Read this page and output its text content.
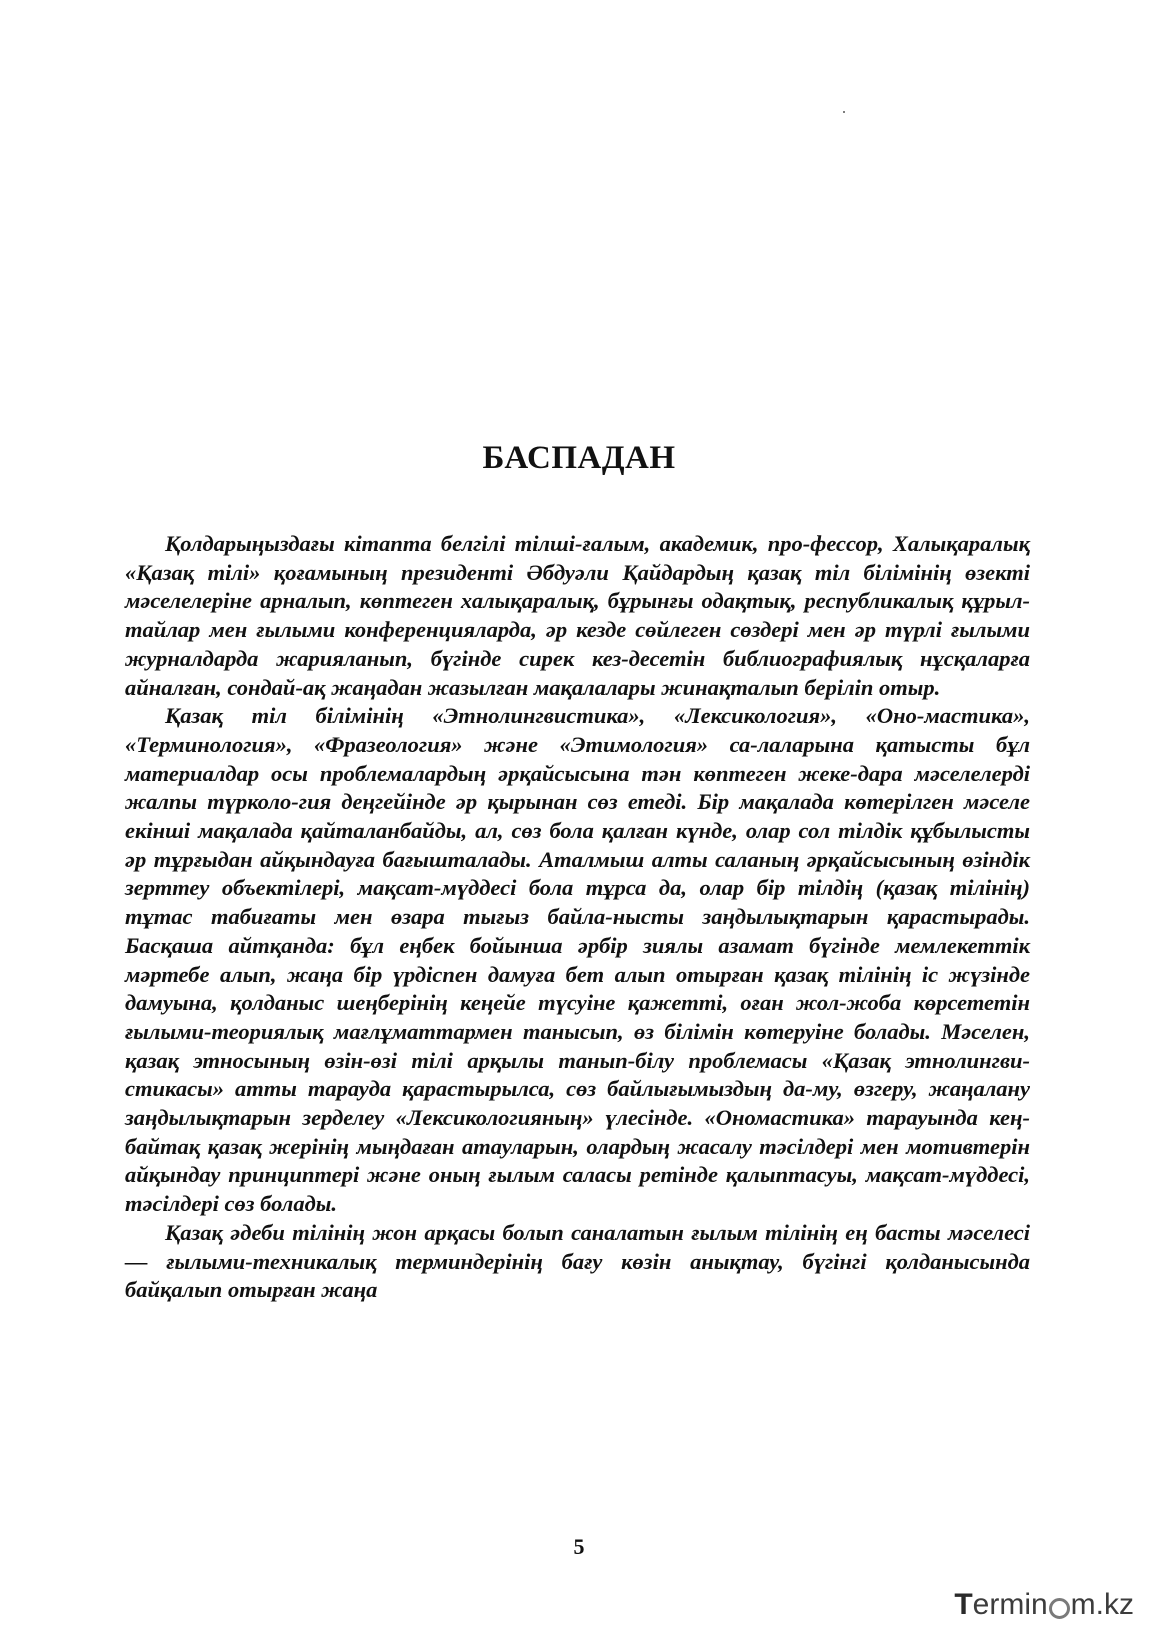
БАСПАДАН

Қолдарыңыздағы кітапта белгілі тілші-ғалым, академик, про-фессор, Халықаралық «Қазақ тілі» қоғамының президенті Әбдуәли Қайдардың қазақ тіл білімінің өзекті мәселелеріне арналып, көптеген халықаралық, бұрынғы одақтық, республикалық құрыл-тайлар мен ғылыми конференцияларда, әр кезде сөйлеген сөздері мен әр түрлі ғылыми журналдарда жарияланып, бүгінде сирек кез-десетін библиографиялық нұсқаларға айналған, сондай-ақ жаңадан жазылған мақалалары жинақталып беріліп отыр.

Қазақ тіл білімінің «Этнолингвистика», «Лексикология», «Оно-мастика», «Терминология», «Фразеология» және «Этимология» са-лаларына қатысты бұл материалдар осы проблемалардың әрқайсысына тән көптеген жеке-дара мәселелерді жалпы түрколо-гия деңгейінде әр қырынан сөз етеді. Бір мақалада көтерілген мәселе екінші мақалада қайталанбайды, ал, сөз бола қалған күнде, олар сол тілдік құбылысты әр тұрғыдан айқындауға бағышталады. Аталмыш алты саланың әрқайсысының өзіндік зерттеу объектілері, мақсат-мүддесі бола тұрса да, олар бір тілдің (қазақ тілінің) тұтас табиғаты мен өзара тығыз байла-нысты заңдылықтарын қарастырады. Басқаша айтқанда: бұл еңбек бойынша әрбір зиялы азамат бүгінде мемлекеттік мәртебе алып, жаңа бір үрдіспен дамуға бет алып отырған қазақ тілінің іс жүзінде дамуына, қолданыс шеңберінің кеңейе түсуіне қажетті, оған жол-жоба көрсететін ғылыми-теориялық мағлұматтармен танысып, өз білімін көтеруіне болады. Мәселен, қазақ этносының өзін-өзі тілі арқылы танып-білу проблемасы «Қазақ этнолингви-стикасы» атты тарауда қарастырылса, сөз байлығымыздың да-му, өзгеру, жаңалану заңдылықтарын зерделеу «Лексикологияның» үлесінде. «Ономастика» тарауында кең-байтақ қазақ жерінің мыңдаған атауларын, олардың жасалу тәсілдері мен мотивтерін айқындау принциптері және оның ғылым саласы ретінде қалыптасуы, мақсат-мүддесі, тәсілдері сөз болады.

Қазақ әдеби тілінің жон арқасы болып саналатын ғылым тілінің ең басты мәселесі — ғылыми-техникалық терминдерінің бағу көзін анықтау, бүгінгі қолданысында байқалып отырған жаңа

5
T ermin m.kz
